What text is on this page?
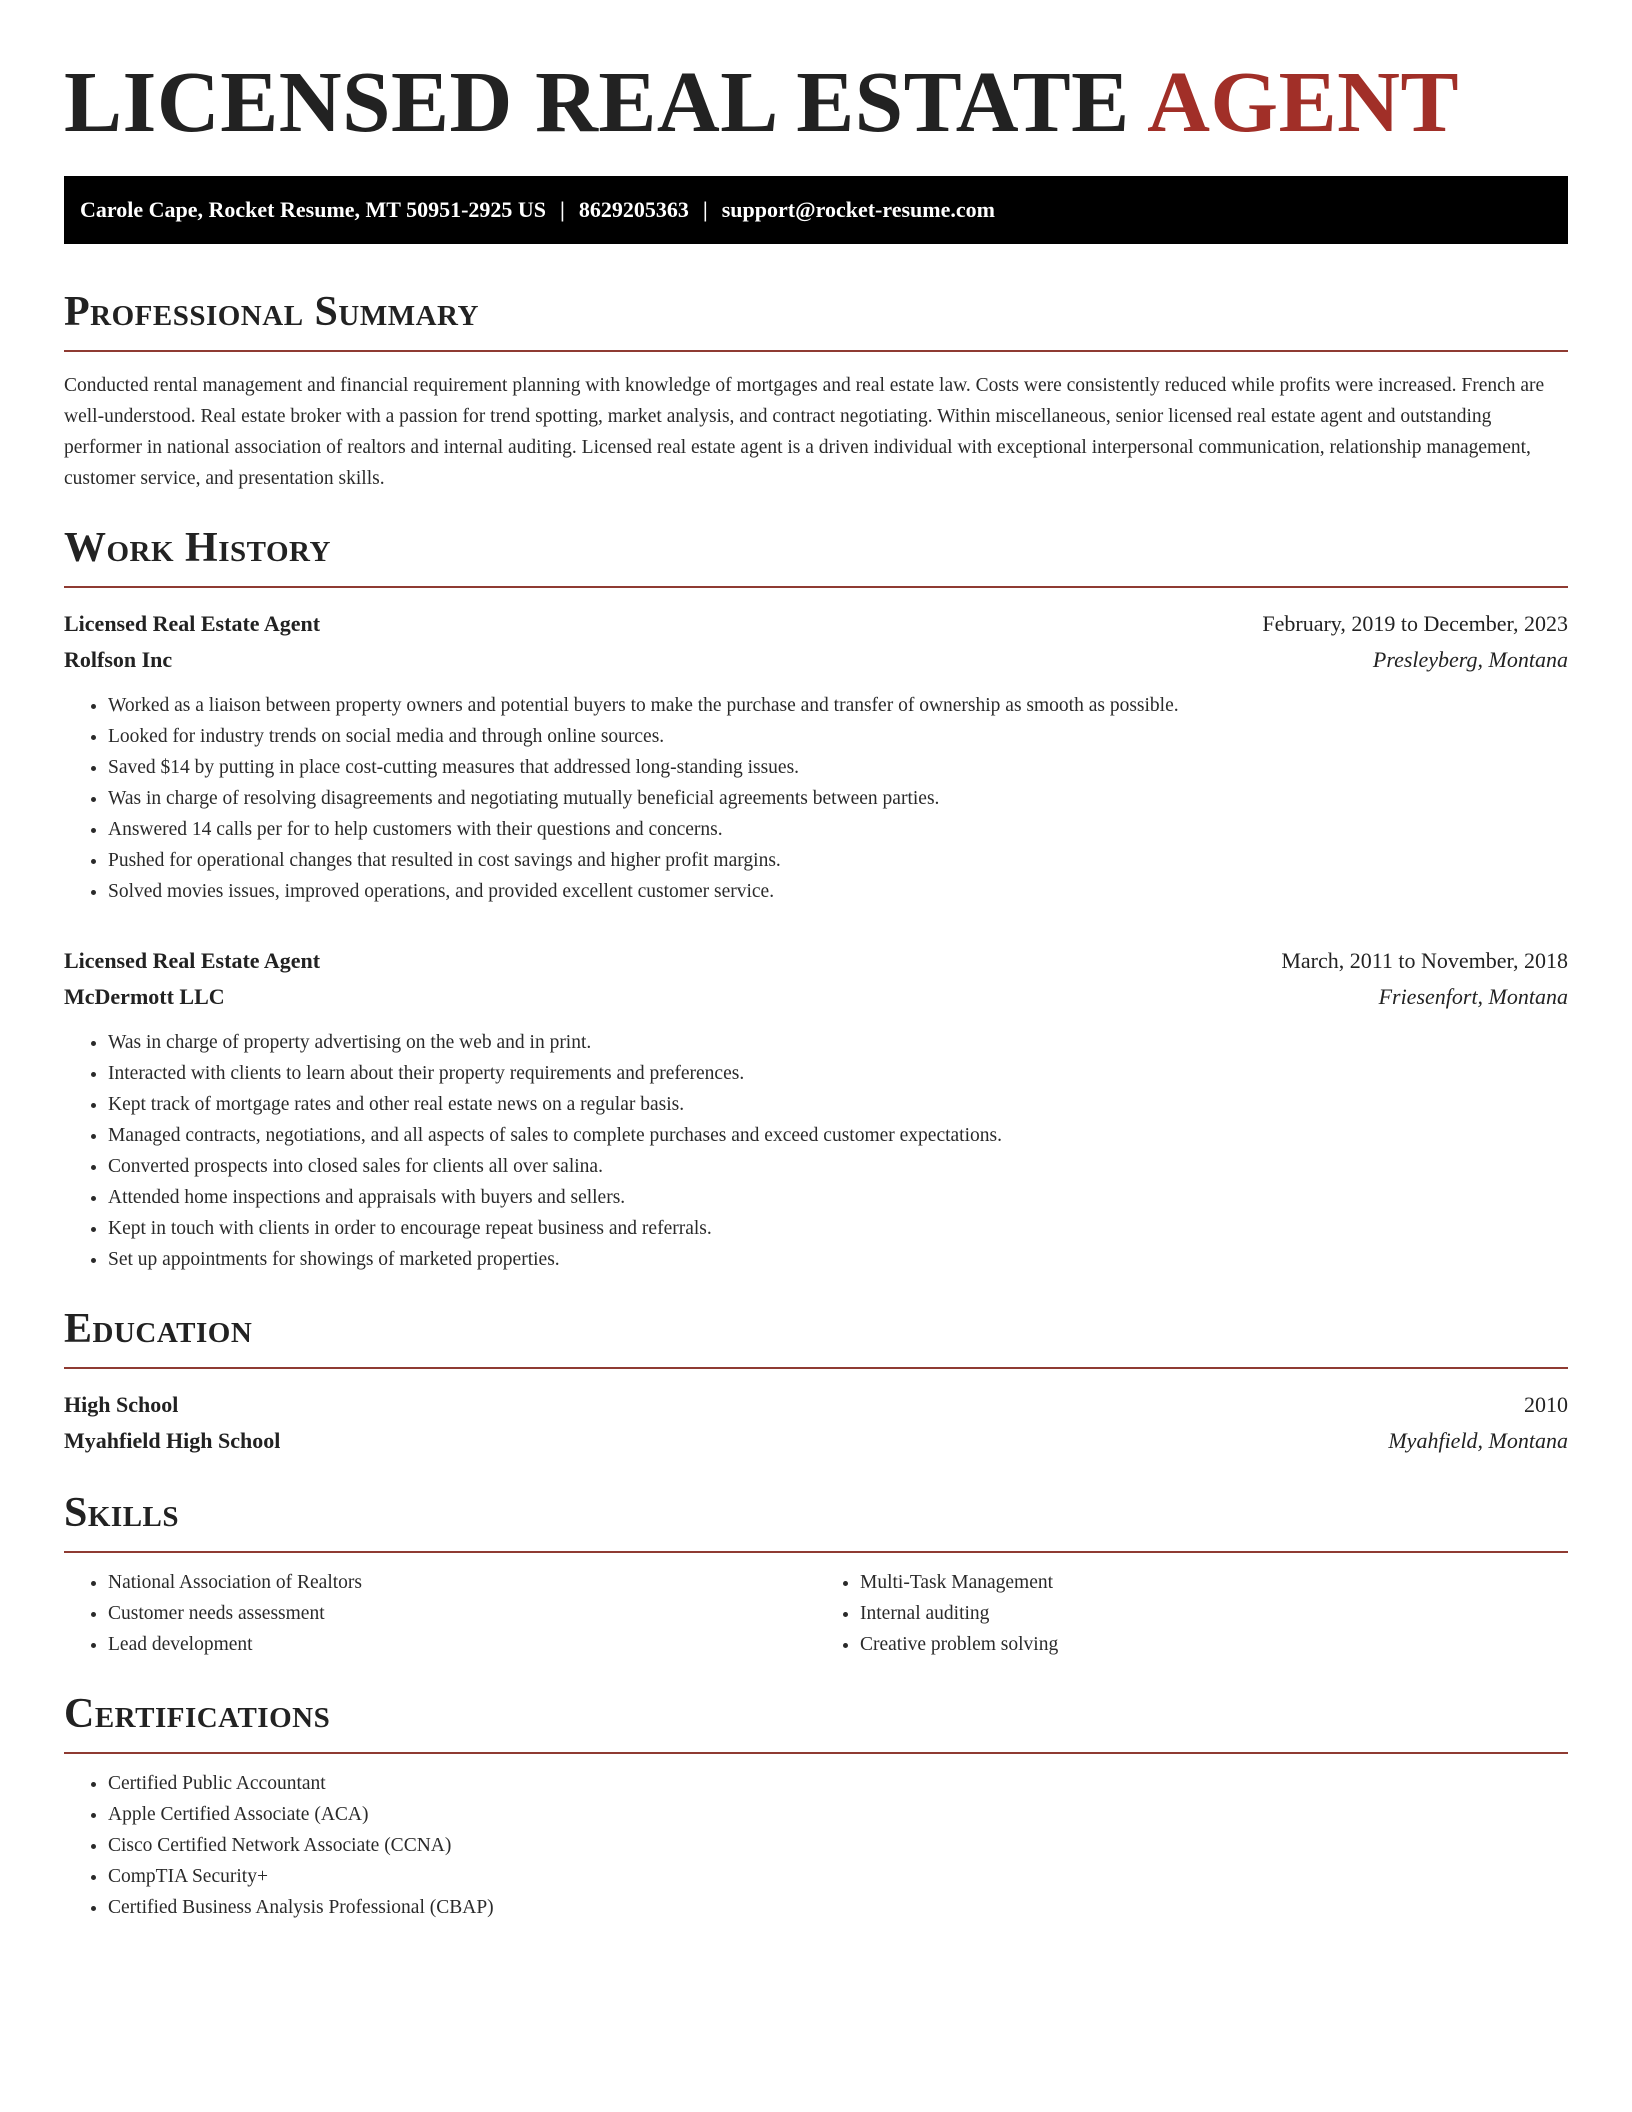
LICENSED REAL ESTATE AGENT
Carole Cape, Rocket Resume, MT 50951-2925 US | 8629205363 | support@rocket-resume.com
Professional Summary

Conducted rental management and financial requirement planning with knowledge of mortgages and real estate law. Costs were consistently reduced while profits were increased. French are well-understood. Real estate broker with a passion for trend spotting, market analysis, and contract negotiating. Within miscellaneous, senior licensed real estate agent and outstanding performer in national association of realtors and internal auditing. Licensed real estate agent is a driven individual with exceptional interpersonal communication, relationship management, customer service, and presentation skills.

Work History
Licensed Real Estate Agent	February, 2019 to December, 2023
Rolfson Inc	Presleyberg, Montana
• Worked as a liaison between property owners and potential buyers to make the purchase and transfer of ownership as smooth as possible.
• Looked for industry trends on social media and through online sources.
• Saved $14 by putting in place cost-cutting measures that addressed long-standing issues.
• Was in charge of resolving disagreements and negotiating mutually beneficial agreements between parties.
• Answered 14 calls per for to help customers with their questions and concerns.
• Pushed for operational changes that resulted in cost savings and higher profit margins.
• Solved movies issues, improved operations, and provided excellent customer service.
Licensed Real Estate Agent	March, 2011 to November, 2018
McDermott LLC	Friesenfort, Montana
• Was in charge of property advertising on the web and in print.
• Interacted with clients to learn about their property requirements and preferences.
• Kept track of mortgage rates and other real estate news on a regular basis.
• Managed contracts, negotiations, and all aspects of sales to complete purchases and exceed customer expectations.
• Converted prospects into closed sales for clients all over salina.
• Attended home inspections and appraisals with buyers and sellers.
• Kept in touch with clients in order to encourage repeat business and referrals.
• Set up appointments for showings of marketed properties.
Education
High School	2010
Myahfield High School	Myahfield, Montana
Skills
• National Association of Realtors
• Customer needs assessment
• Lead development
• Multi-Task Management
• Internal auditing
• Creative problem solving
Certifications
• Certified Public Accountant
• Apple Certified Associate (ACA)
• Cisco Certified Network Associate (CCNA)
• CompTIA Security+
• Certified Business Analysis Professional (CBAP)
